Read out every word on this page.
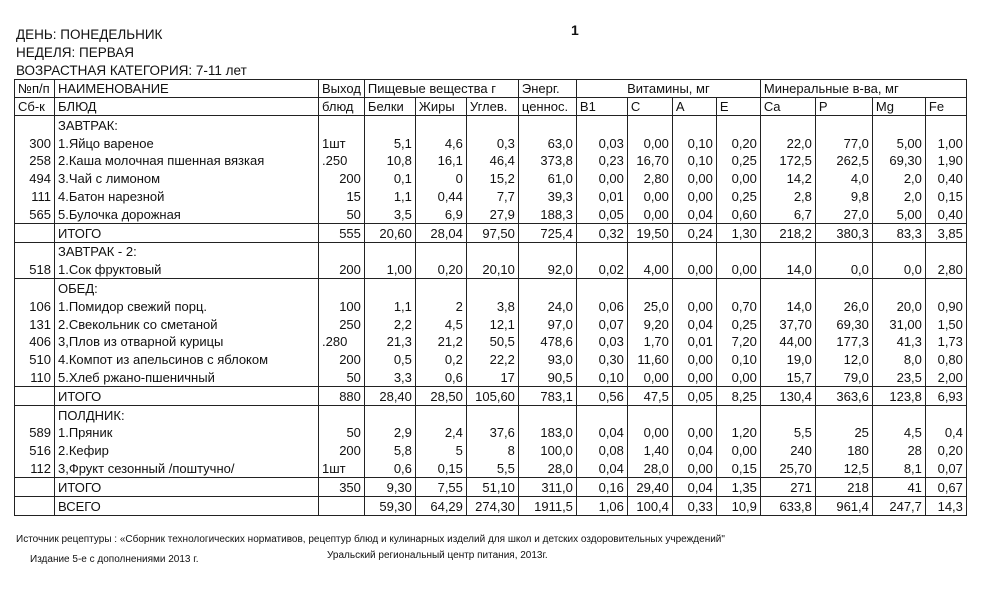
1
ДЕНЬ: ПОНЕДЕЛЬНИК
НЕДЕЛЯ: ПЕРВАЯ
ВОЗРАСТНАЯ КАТЕГОРИЯ: 7-11 лет
№п/п	НАИМЕНОВАНИЕ	Выход	Пищевые вещества г			Энерг.	Витамины, мг				Минеральные в-ва, мг			
Сб-к	БЛЮД	блюд	Белки	Жиры	Углев.	ценнос.	B1	C	A	E	Ca	P	Mg	Fe
	ЗАВТРАК:													
300	1.Яйцо вареное	1шт	5,1	4,6	0,3	63,0	0,03	0,00	0,10	0,20	22,0	77,0	5,00	1,00
258	2.Каша молочная пшенная вязкая	.250	10,8	16,1	46,4	373,8	0,23	16,70	0,10	0,25	172,5	262,5	69,30	1,90
494	3.Чай с лимоном	200	0,1	0	15,2	61,0	0,00	2,80	0,00	0,00	14,2	4,0	2,0	0,40
111	4.Батон нарезной	15	1,1	0,44	7,7	39,3	0,01	0,00	0,00	0,25	2,8	9,8	2,0	0,15
565	5.Булочка дорожная	50	3,5	6,9	27,9	188,3	0,05	0,00	0,04	0,60	6,7	27,0	5,00	0,40
	ИТОГО	555	20,60	28,04	97,50	725,4	0,32	19,50	0,24	1,30	218,2	380,3	83,3	3,85
	ЗАВТРАК - 2:													
518	1.Сок фруктовый	200	1,00	0,20	20,10	92,0	0,02	4,00	0,00	0,00	14,0	0,0	0,0	2,80
	ОБЕД:													
106	1.Помидор свежий порц.	100	1,1	2	3,8	24,0	0,06	25,0	0,00	0,70	14,0	26,0	20,0	0,90
131	2.Свекольник со сметаной	250	2,2	4,5	12,1	97,0	0,07	9,20	0,04	0,25	37,70	69,30	31,00	1,50
406	3,Плов из отварной курицы	.280	21,3	21,2	50,5	478,6	0,03	1,70	0,01	7,20	44,00	177,3	41,3	1,73
510	4.Компот из апельсинов с яблоком	200	0,5	0,2	22,2	93,0	0,30	11,60	0,00	0,10	19,0	12,0	8,0	0,80
110	5.Хлеб ржано-пшеничный	50	3,3	0,6	17	90,5	0,10	0,00	0,00	0,00	15,7	79,0	23,5	2,00
	ИТОГО	880	28,40	28,50	105,60	783,1	0,56	47,5	0,05	8,25	130,4	363,6	123,8	6,93
	ПОЛДНИК:													
589	1.Пряник	50	2,9	2,4	37,6	183,0	0,04	0,00	0,00	1,20	5,5	25	4,5	0,4
516	2.Кефир	200	5,8	5	8	100,0	0,08	1,40	0,04	0,00	240	180	28	0,20
112	3,Фрукт сезонный /поштучно/	1шт	0,6	0,15	5,5	28,0	0,04	28,0	0,00	0,15	25,70	12,5	8,1	0,07
	ИТОГО	350	9,30	7,55	51,10	311,0	0,16	29,40	0,04	1,35	271	218	41	0,67
	ВСЕГО		59,30	64,29	274,30	1911,5	1,06	100,4	0,33	10,9	633,8	961,4	247,7	14,3
Источник рецептуры : «Сборник технологических нормативов, рецептур блюд и кулинарных изделий для школ и детских оздоровительных учреждений"
Издание 5-е с дополнениями 2013 г.	Уральский региональный центр питания, 2013г.
